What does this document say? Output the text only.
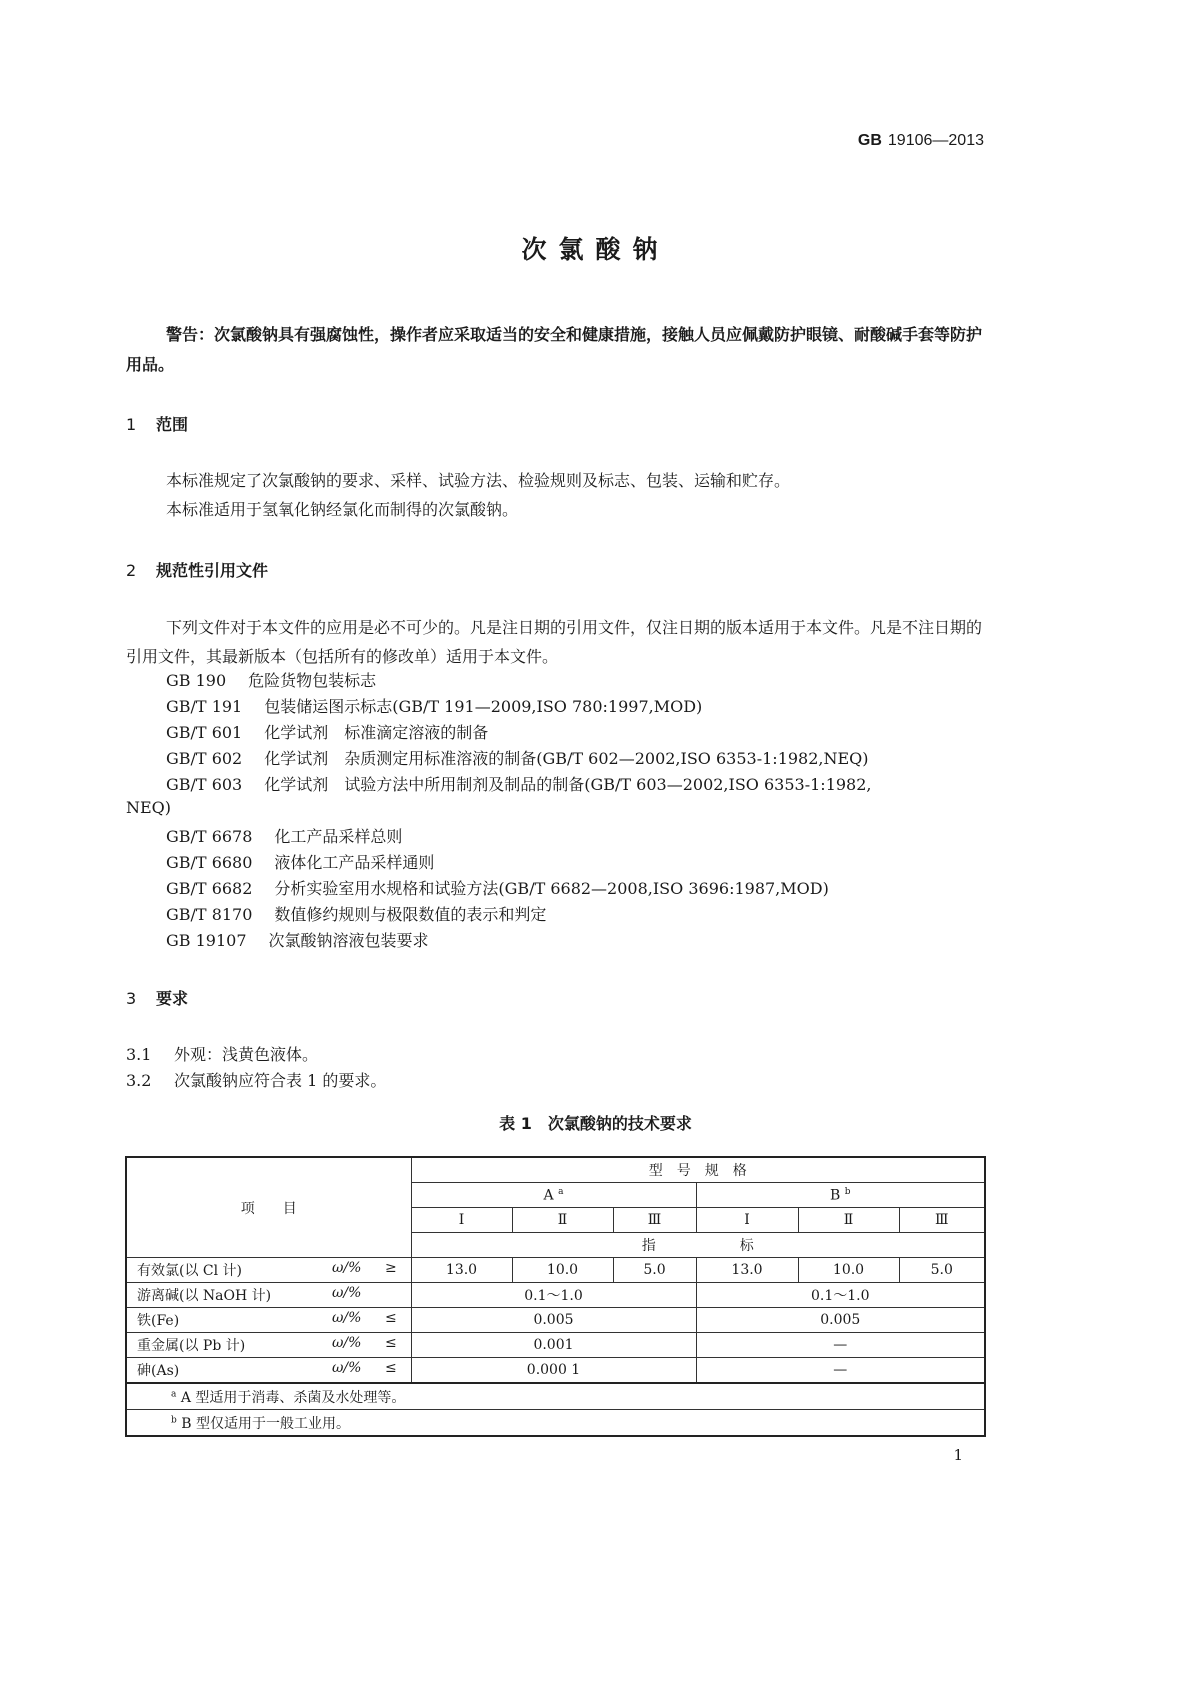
GB 19106—2013
次氯酸钠
警告：次氯酸钠具有强腐蚀性，操作者应采取适当的安全和健康措施，接触人员应佩戴防护眼镜、耐酸碱手套等防护用品。
1 范围
本标准规定了次氯酸钠的要求、采样、试验方法、检验规则及标志、包装、运输和贮存。
本标准适用于氢氧化钠经氯化而制得的次氯酸钠。
2 规范性引用文件
下列文件对于本文件的应用是必不可少的。凡是注日期的引用文件，仅注日期的版本适用于本文件。凡是不注日期的引用文件，其最新版本（包括所有的修改单）适用于本文件。
GB 190 危险货物包装标志
GB/T 191 包装储运图示标志(GB/T 191—2009,ISO 780:1997,MOD)
GB/T 601 化学试剂　标准滴定溶液的制备
GB/T 602 化学试剂　杂质测定用标准溶液的制备(GB/T 602—2002,ISO 6353-1:1982,NEQ)
GB/T 603 化学试剂　试验方法中所用制剂及制品的制备(GB/T 603—2002,ISO 6353-1:1982,
NEQ)
GB/T 6678 化工产品采样总则
GB/T 6680 液体化工产品采样通则
GB/T 6682 分析实验室用水规格和试验方法(GB/T 6682—2008,ISO 3696:1987,MOD)
GB/T 8170 数值修约规则与极限数值的表示和判定
GB 19107 次氯酸钠溶液包装要求
3 要求
3.1 外观：浅黄色液体。
3.2 次氯酸钠应符合表 1 的要求。
表 1　次氯酸钠的技术要求
项　　目	型　号　规　格					
	A $^a$			B $^b$
	Ⅰ	Ⅱ	Ⅲ	Ⅰ	Ⅱ	Ⅲ
	指　　　　　　标					
有效氯(以 Cl 计) ω/% ≥	13.0	10.0	5.0	13.0	10.0	5.0
游离碱(以 NaOH 计) ω/%	0.1～1.0			0.1～1.0		
铁(Fe) ω/% ≤	0.005			0.005		
重金属(以 Pb 计) ω/% ≤	0.001			—		
砷(As) ω/% ≤	0.000 1			—		
$^a$ A 型适用于消毒、杀菌及水处理等。						
$^b$ B 型仅适用于一般工业用。						
1
